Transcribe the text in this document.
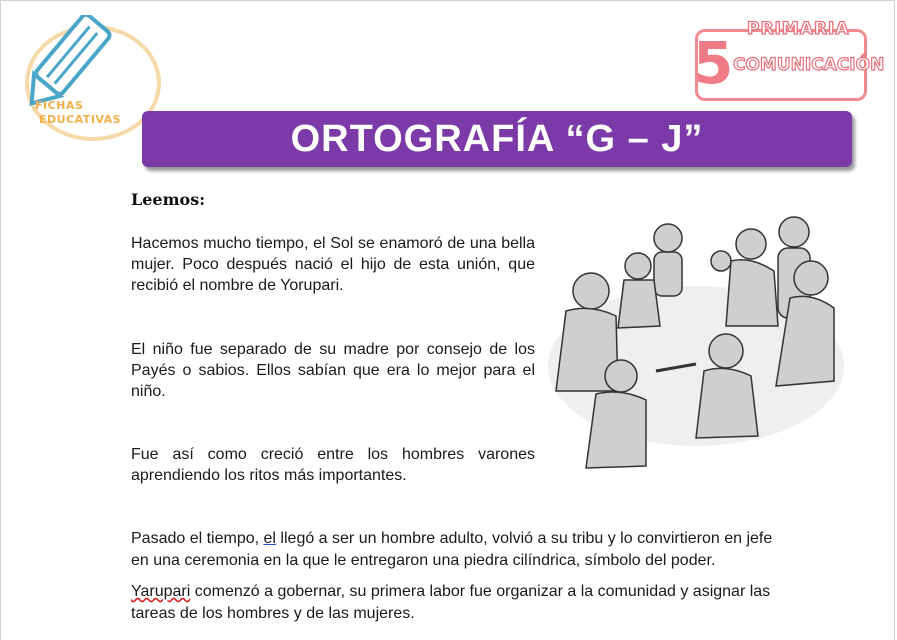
FICHAS
EDUCATIVAS
PRIMARIA
5 COMUNICACIÓN
ORTOGRAFÍA “G – J”
Leemos:

Hacemos mucho tiempo, el Sol se enamoró de una bella mujer. Poco después nació el hijo de esta unión, que recibió el nombre de Yorupari.

El niño fue separado de su madre por consejo de los Payés o sabios. Ellos sabían que era lo mejor para el niño.

Fue así como creció entre los hombres varones aprendiendo los ritos más importantes.

Pasado el tiempo, el llegó a ser un hombre adulto, volvió a su tribu y lo convirtieron en jefe en una ceremonia en la que le entregaron una piedra cilíndrica, símbolo del poder.

Yarupari comenzó a gobernar, su primera labor fue organizar a la comunidad y asignar las tareas de los hombres y de las mujeres.
